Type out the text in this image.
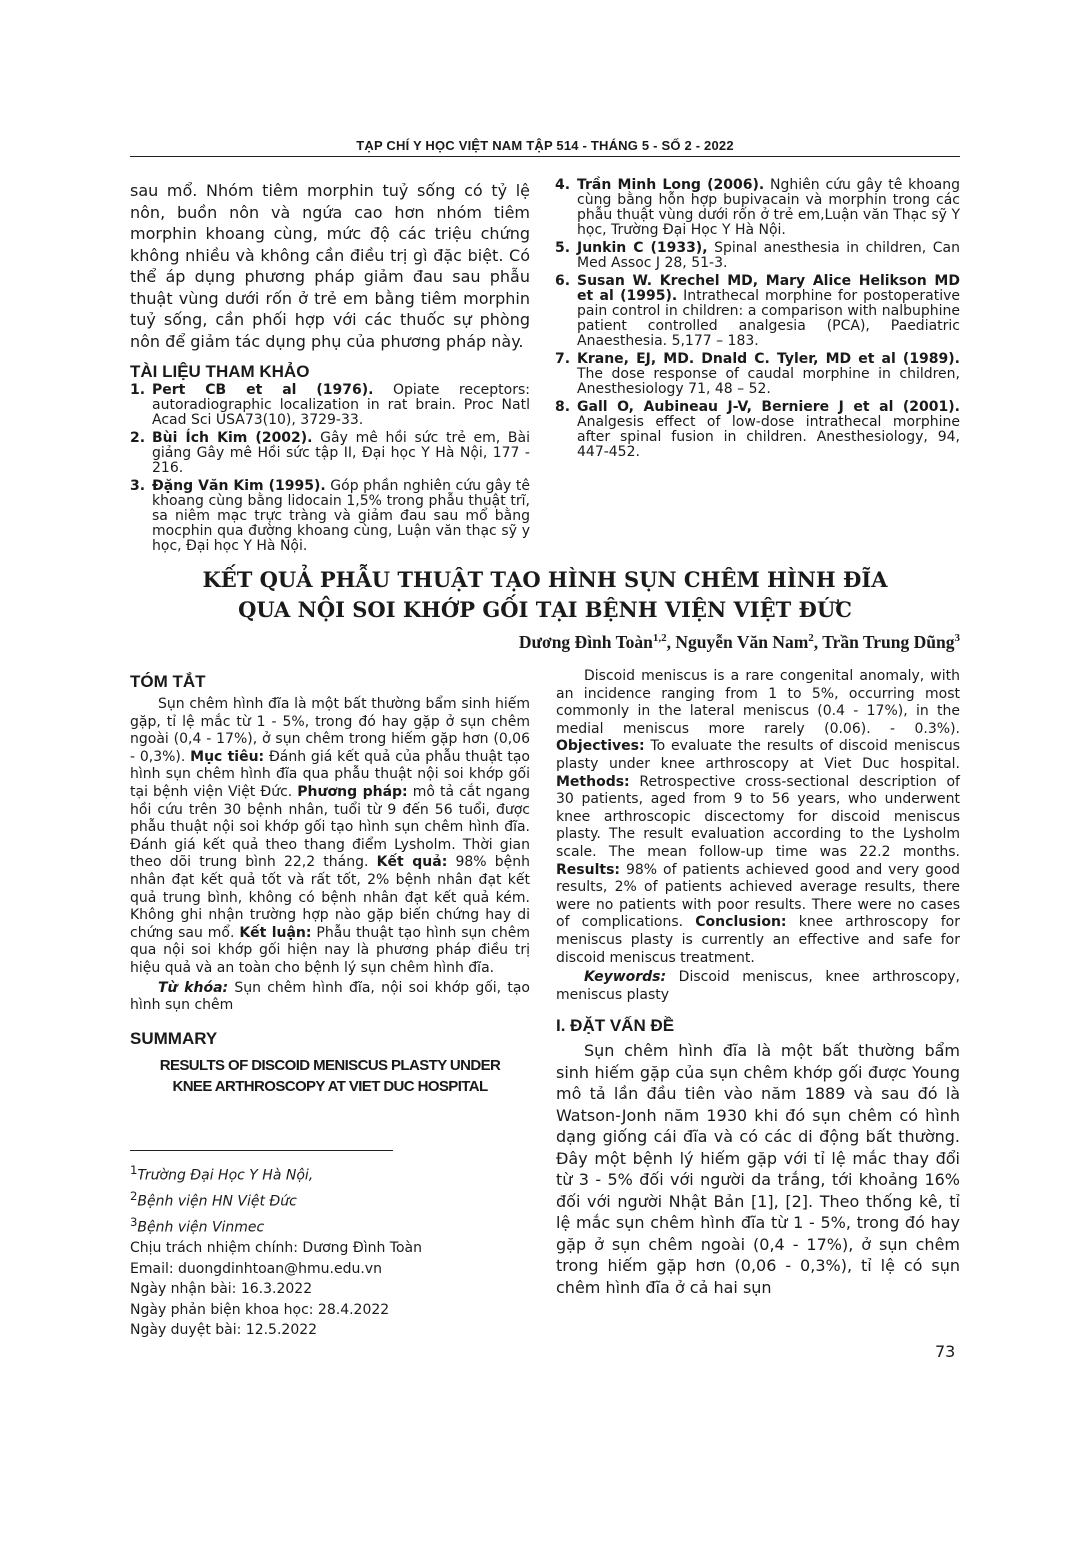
TẠP CHÍ Y HỌC VIỆT NAM TẬP 514 - THÁNG 5 - SỐ 2 - 2022

sau mổ. Nhóm tiêm morphin tuỷ sống có tỷ lệ nôn, buồn nôn và ngứa cao hơn nhóm tiêm morphin khoang cùng, mức độ các triệu chứng không nhiều và không cần điều trị gì đặc biệt. Có thể áp dụng phương pháp giảm đau sau phẫu thuật vùng dưới rốn ở trẻ em bằng tiêm morphin tuỷ sống, cần phối hợp với các thuốc sự phòng nôn để giảm tác dụng phụ của phương pháp này.

TÀI LIỆU THAM KHẢO

1. Pert CB et al (1976). Opiate receptors: autoradiographic localization in rat brain. Proc Natl Acad Sci USA73(10), 3729-33.
2. Bùi Ích Kim (2002). Gây mê hồi sức trẻ em, Bài giảng Gây mê Hồi sức tập II, Đại học Y Hà Nội, 177 - 216.
3. Đặng Văn Kim (1995). Góp phần nghiên cứu gây tê khoang cùng bằng lidocain 1,5% trong phẫu thuật trĩ, sa niêm mạc trực tràng và giảm đau sau mổ bằng mocphin qua đường khoang cùng, Luận văn thạc sỹ y học, Đại học Y Hà Nội.
4. Trần Minh Long (2006). Nghiên cứu gây tê khoang cùng bằng hỗn hợp bupivacain và morphin trong các phẫu thuật vùng dưới rốn ở trẻ em,Luận văn Thạc sỹ Y học, Trường Đại Học Y Hà Nội.
5. Junkin C (1933), Spinal anesthesia in children, Can Med Assoc J 28, 51-3.
6. Susan W. Krechel MD, Mary Alice Helikson MD et al (1995). Intrathecal morphine for postoperative pain control in children: a comparison with nalbuphine patient controlled analgesia (PCA), Paediatric Anaesthesia. 5,177 – 183.
7. Krane, EJ, MD. Dnald C. Tyler, MD et al (1989). The dose response of caudal morphine in children, Anesthesiology 71, 48 – 52.
8. Gall O, Aubineau J-V, Berniere J et al (2001). Analgesis effect of low-dose intrathecal morphine after spinal fusion in children. Anesthesiology, 94, 447-452.
KẾT QUẢ PHẪU THUẬT TẠO HÌNH SỤN CHÊM HÌNH ĐĨA
QUA NỘI SOI KHỚP GỐI TẠI BỆNH VIỆN VIỆT ĐỨC
Dương Đình Toàn$^{1,2}$, Nguyễn Văn Nam$^2$, Trần Trung Dũng$^3$

TÓM TẮT

Sụn chêm hình đĩa là một bất thường bẩm sinh hiếm gặp, tỉ lệ mắc từ 1 - 5%, trong đó hay gặp ở sụn chêm ngoài (0,4 - 17%), ở sụn chêm trong hiếm gặp hơn (0,06 - 0,3%). Mục tiêu: Đánh giá kết quả của phẫu thuật tạo hình sụn chêm hình đĩa qua phẫu thuật nội soi khớp gối tại bệnh viện Việt Đức. Phương pháp: mô tả cắt ngang hồi cứu trên 30 bệnh nhân, tuổi từ 9 đến 56 tuổi, được phẫu thuật nội soi khớp gối tạo hình sụn chêm hình đĩa. Đánh giá kết quả theo thang điểm Lysholm. Thời gian theo dõi trung bình 22,2 tháng. Kết quả: 98% bệnh nhân đạt kết quả tốt và rất tốt, 2% bệnh nhân đạt kết quả trung bình, không có bệnh nhân đạt kết quả kém. Không ghi nhận trường hợp nào gặp biến chứng hay di chứng sau mổ. Kết luận: Phẫu thuật tạo hình sụn chêm qua nội soi khớp gối hiện nay là phương pháp điều trị hiệu quả và an toàn cho bệnh lý sụn chêm hình đĩa.

Từ khóa: Sụn chêm hình đĩa, nội soi khớp gối, tạo hình sụn chêm

SUMMARY

RESULTS OF DISCOID MENISCUS PLASTY UNDER
KNEE ARTHROSCOPY AT VIET DUC HOSPITAL

$^1$Trường Đại Học Y Hà Nội,
$^2$Bệnh viện HN Việt Đức
$^3$Bệnh viện Vinmec
Chịu trách nhiệm chính: Dương Đình Toàn
Email: duongdinhtoan@hmu.edu.vn
Ngày nhận bài: 16.3.2022
Ngày phản biện khoa học: 28.4.2022
Ngày duyệt bài: 12.5.2022

Discoid meniscus is a rare congenital anomaly, with an incidence ranging from 1 to 5%, occurring most commonly in the lateral meniscus (0.4 - 17%), in the medial meniscus more rarely (0.06). - 0.3%). Objectives: To evaluate the results of discoid meniscus plasty under knee arthroscopy at Viet Duc hospital. Methods: Retrospective cross-sectional description of 30 patients, aged from 9 to 56 years, who underwent knee arthroscopic discectomy for discoid meniscus plasty. The result evaluation according to the Lysholm scale. The mean follow-up time was 22.2 months. Results: 98% of patients achieved good and very good results, 2% of patients achieved average results, there were no patients with poor results. There were no cases of complications. Conclusion: knee arthroscopy for meniscus plasty is currently an effective and safe for discoid meniscus treatment.

Keywords: Discoid meniscus, knee arthroscopy, meniscus plasty

I. ĐẶT VẤN ĐỀ

Sụn chêm hình đĩa là một bất thường bẩm sinh hiếm gặp của sụn chêm khớp gối được Young mô tả lần đầu tiên vào năm 1889 và sau đó là Watson-Jonh năm 1930 khi đó sụn chêm có hình dạng giống cái đĩa và có các di động bất thường. Đây một bệnh lý hiếm gặp với tỉ lệ mắc thay đổi từ 3 - 5% đối với người da trắng, tới khoảng 16% đối với người Nhật Bản [1], [2]. Theo thống kê, tỉ lệ mắc sụn chêm hình đĩa từ 1 - 5%, trong đó hay gặp ở sụn chêm ngoài (0,4 - 17%), ở sụn chêm trong hiếm gặp hơn (0,06 - 0,3%), tỉ lệ có sụn chêm hình đĩa ở cả hai sụn

73
